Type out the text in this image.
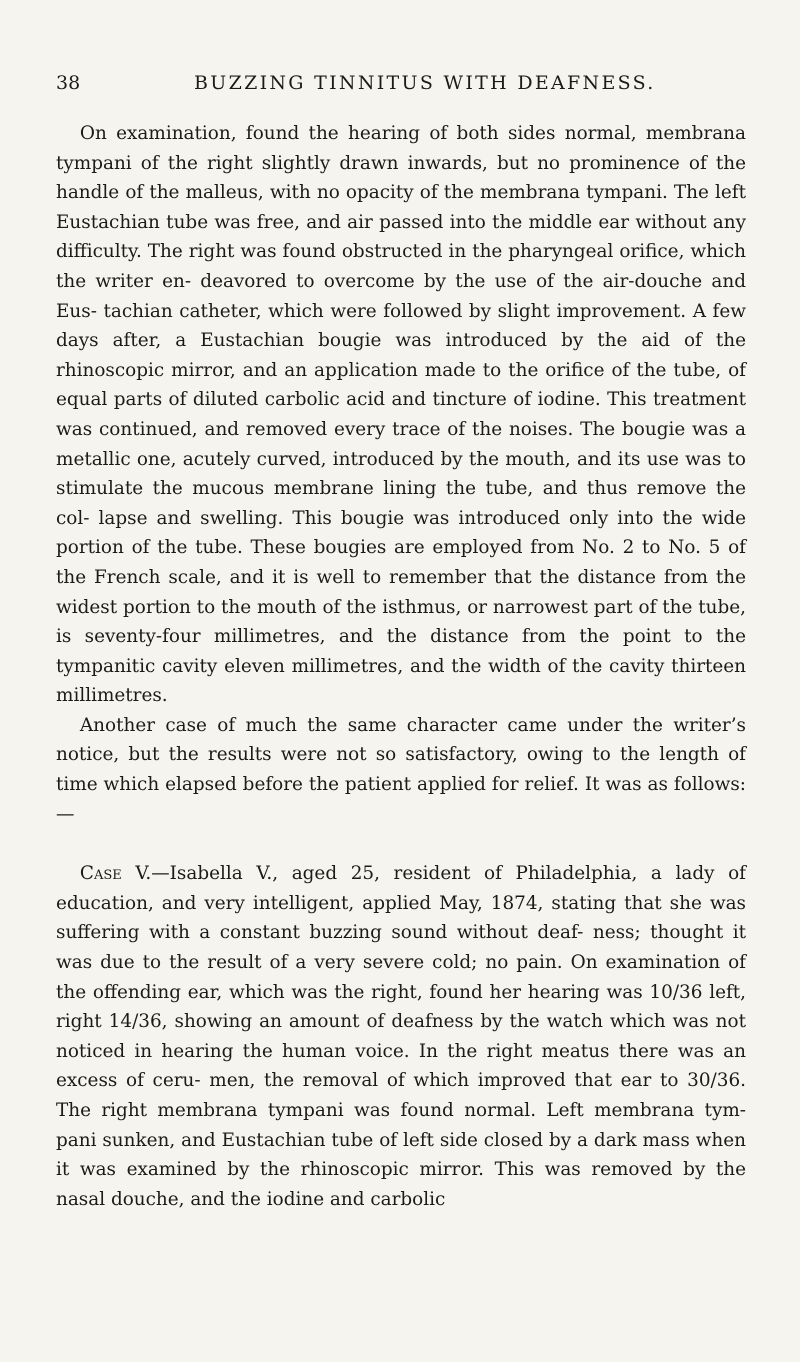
38	BUZZING TINNITUS WITH DEAFNESS.

On examination, found the hearing of both sides normal, membrana tympani of the right slightly drawn inwards, but no prominence of the handle of the malleus, with no opacity of the membrana tympani. The left Eustachian tube was free, and air passed into the middle ear without any difficulty. The right was found obstructed in the pharyngeal orifice, which the writer en- deavored to overcome by the use of the air-douche and Eus- tachian catheter, which were followed by slight improvement. A few days after, a Eustachian bougie was introduced by the aid of the rhinoscopic mirror, and an application made to the orifice of the tube, of equal parts of diluted carbolic acid and tincture of iodine. This treatment was continued, and removed every trace of the noises. The bougie was a metallic one, acutely curved, introduced by the mouth, and its use was to stimulate the mucous membrane lining the tube, and thus remove the col- lapse and swelling. This bougie was introduced only into the wide portion of the tube. These bougies are employed from No. 2 to No. 5 of the French scale, and it is well to remember that the distance from the widest portion to the mouth of the isthmus, or narrowest part of the tube, is seventy-four millimetres, and the distance from the point to the tympanitic cavity eleven millimetres, and the width of the cavity thirteen millimetres.

Another case of much the same character came under the writer’s notice, but the results were not so satisfactory, owing to the length of time which elapsed before the patient applied for relief. It was as follows:—

Case V.—Isabella V., aged 25, resident of Philadelphia, a lady of education, and very intelligent, applied May, 1874, stating that she was suffering with a constant buzzing sound without deaf- ness; thought it was due to the result of a very severe cold; no pain. On examination of the offending ear, which was the right, found her hearing was 10/36 left, right 14/36, showing an amount of deafness by the watch which was not noticed in hearing the human voice. In the right meatus there was an excess of ceru- men, the removal of which improved that ear to 30/36. The right membrana tympani was found normal. Left membrana tym- pani sunken, and Eustachian tube of left side closed by a dark mass when it was examined by the rhinoscopic mirror. This was removed by the nasal douche, and the iodine and carbolic
